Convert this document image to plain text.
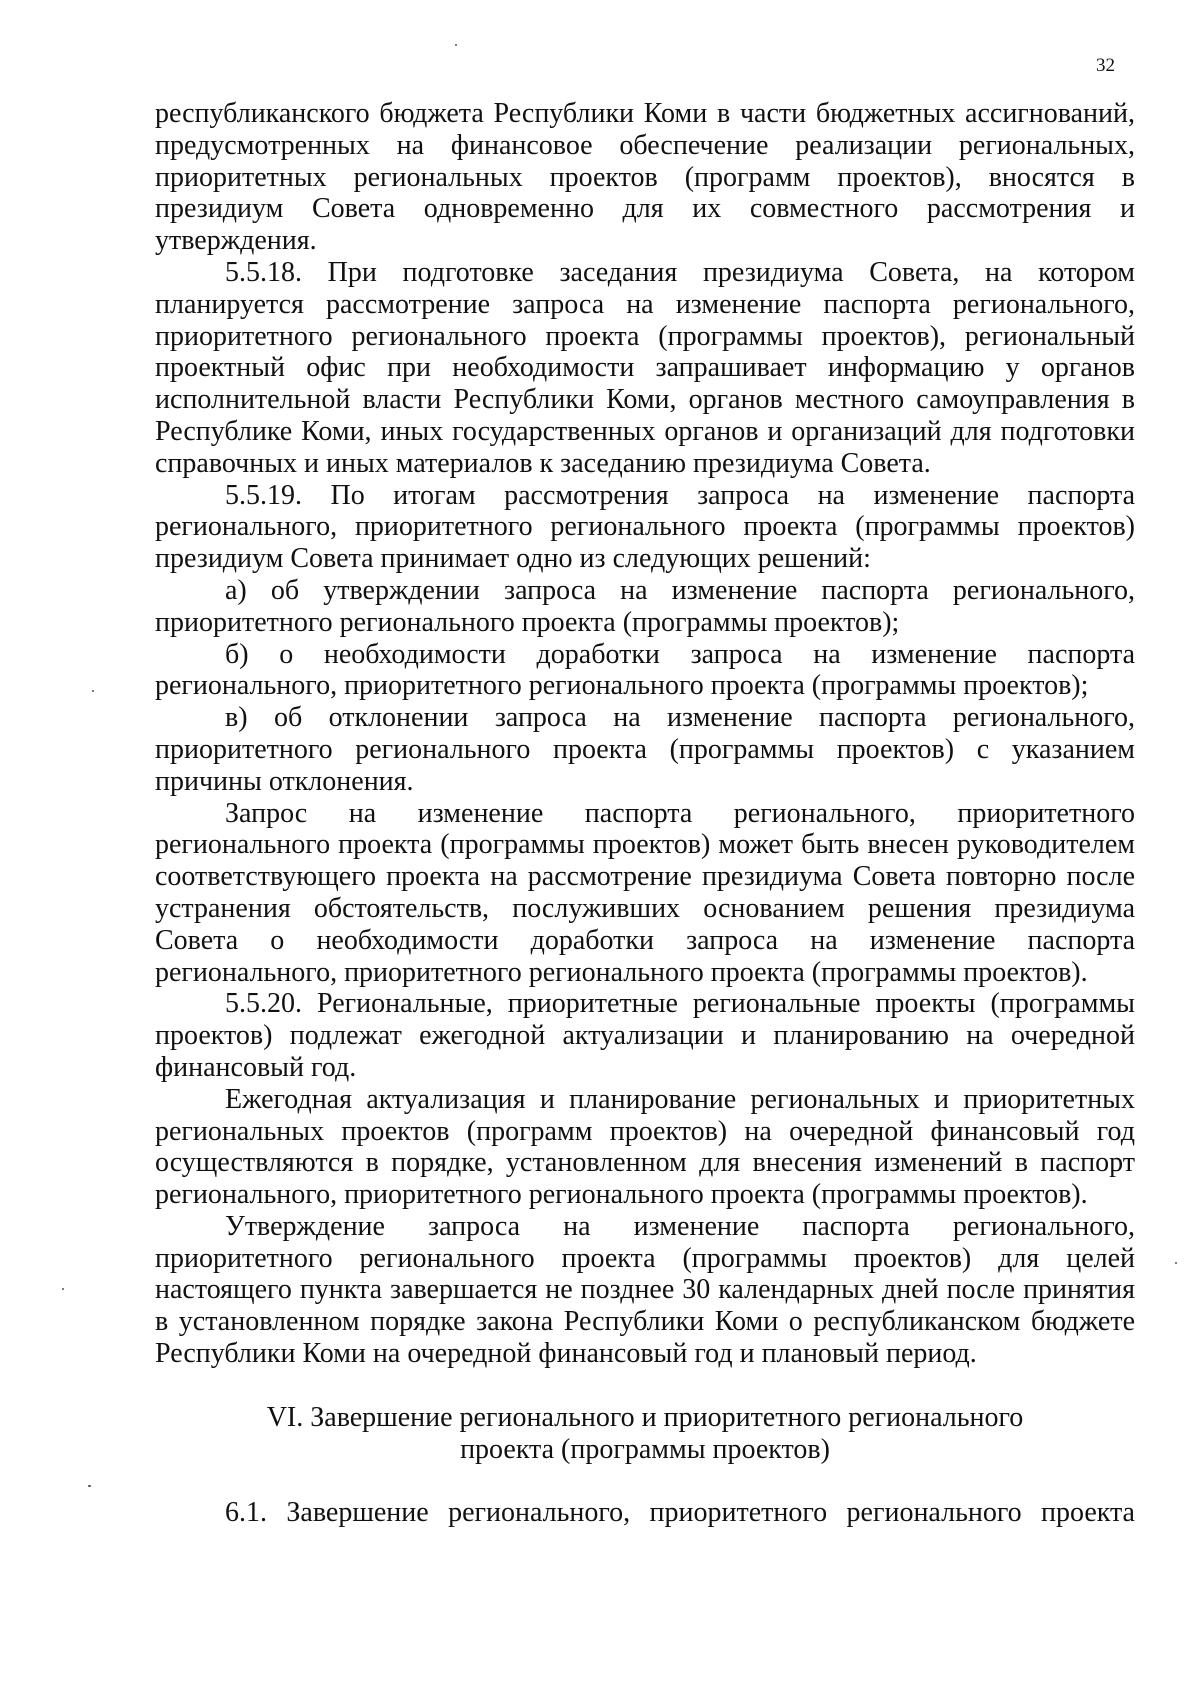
32

республиканского бюджета Республики Коми в части бюджетных ассигнований, предусмотренных на финансовое обеспечение реализации региональных, приоритетных региональных проектов (программ проектов), вносятся в президиум Совета одновременно для их совместного рассмотрения и утверждения.

5.5.18. При подготовке заседания президиума Совета, на котором планируется рассмотрение запроса на изменение паспорта регионального, приоритетного регионального проекта (программы проектов), региональный проектный офис при необходимости запрашивает информацию у органов исполнительной власти Республики Коми, органов местного самоуправления в Республике Коми, иных государственных органов и организаций для подготовки справочных и иных материалов к заседанию президиума Совета.

5.5.19. По итогам рассмотрения запроса на изменение паспорта регионального, приоритетного регионального проекта (программы проектов) президиум Совета принимает одно из следующих решений:

а) об утверждении запроса на изменение паспорта регионального, приоритетного регионального проекта (программы проектов);

б) о необходимости доработки запроса на изменение паспорта регионального, приоритетного регионального проекта (программы проектов);

в) об отклонении запроса на изменение паспорта регионального, приоритетного регионального проекта (программы проектов) с указанием причины отклонения.

Запрос на изменение паспорта регионального, приоритетного регионального проекта (программы проектов) может быть внесен руководителем соответствующего проекта на рассмотрение президиума Совета повторно после устранения обстоятельств, послуживших основанием решения президиума Совета о необходимости доработки запроса на изменение паспорта регионального, приоритетного регионального проекта (программы проектов).

5.5.20. Региональные, приоритетные региональные проекты (программы проектов) подлежат ежегодной актуализации и планированию на очередной финансовый год.

Ежегодная актуализация и планирование региональных и приоритетных региональных проектов (программ проектов) на очередной финансовый год осуществляются в порядке, установленном для внесения изменений в паспорт регионального, приоритетного регионального проекта (программы проектов).

Утверждение запроса на изменение паспорта регионального, приоритетного регионального проекта (программы проектов) для целей настоящего пункта завершается не позднее 30 календарных дней после принятия в установленном порядке закона Республики Коми о республиканском бюджете Республики Коми на очередной финансовый год и плановый период.

VI. Завершение регионального и приоритетного регионального
проекта (программы проектов)

6.1. Завершение регионального, приоритетного регионального проекта
